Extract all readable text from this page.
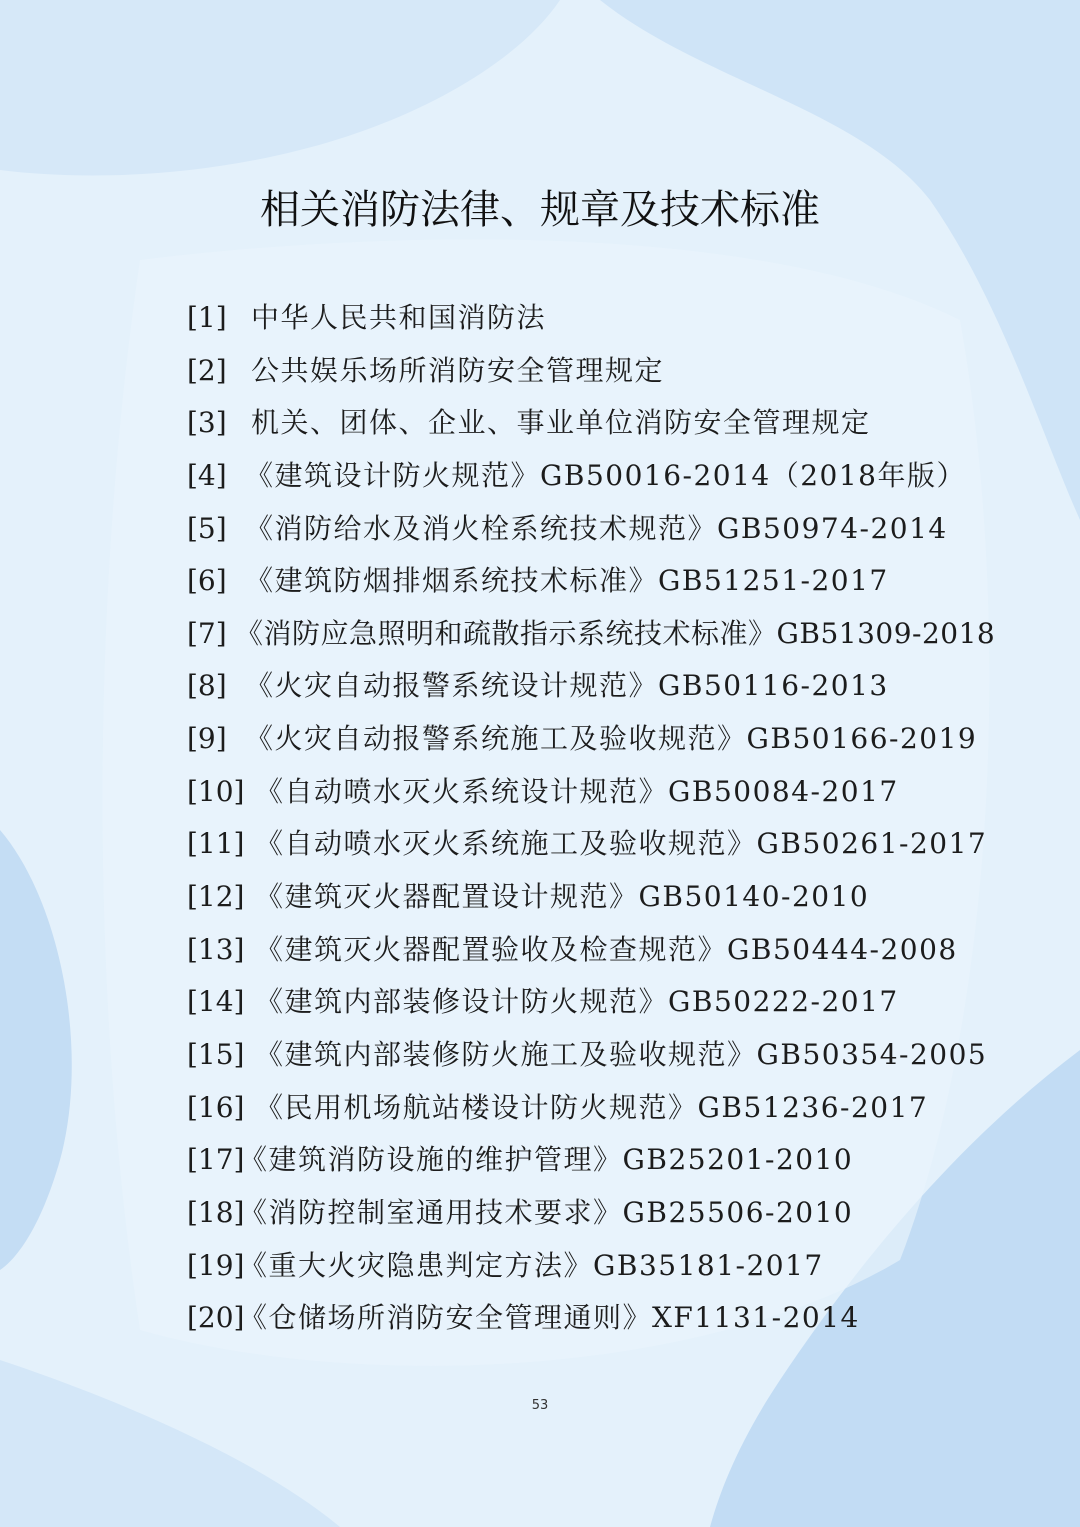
相关消防法律、规章及技术标准
[1] 中华人民共和国消防法
[2] 公共娱乐场所消防安全管理规定
[3] 机关、团体、企业、事业单位消防安全管理规定
[4] 《建筑设计防火规范》GB50016-2014（2018年版）
[5] 《消防给水及消火栓系统技术规范》GB50974-2014
[6] 《建筑防烟排烟系统技术标准》GB51251-2017
[7] 《消防应急照明和疏散指示系统技术标准》GB51309-2018
[8] 《火灾自动报警系统设计规范》GB50116-2013
[9] 《火灾自动报警系统施工及验收规范》GB50166-2019
[10] 《自动喷水灭火系统设计规范》GB50084-2017
[11] 《自动喷水灭火系统施工及验收规范》GB50261-2017
[12] 《建筑灭火器配置设计规范》GB50140-2010
[13] 《建筑灭火器配置验收及检查规范》GB50444-2008
[14] 《建筑内部装修设计防火规范》GB50222-2017
[15] 《建筑内部装修防火施工及验收规范》GB50354-2005
[16] 《民用机场航站楼设计防火规范》GB51236-2017
[17]《建筑消防设施的维护管理》GB25201-2010
[18]《消防控制室通用技术要求》GB25506-2010
[19]《重大火灾隐患判定方法》GB35181-2017
[20]《仓储场所消防安全管理通则》XF1131-2014
53
